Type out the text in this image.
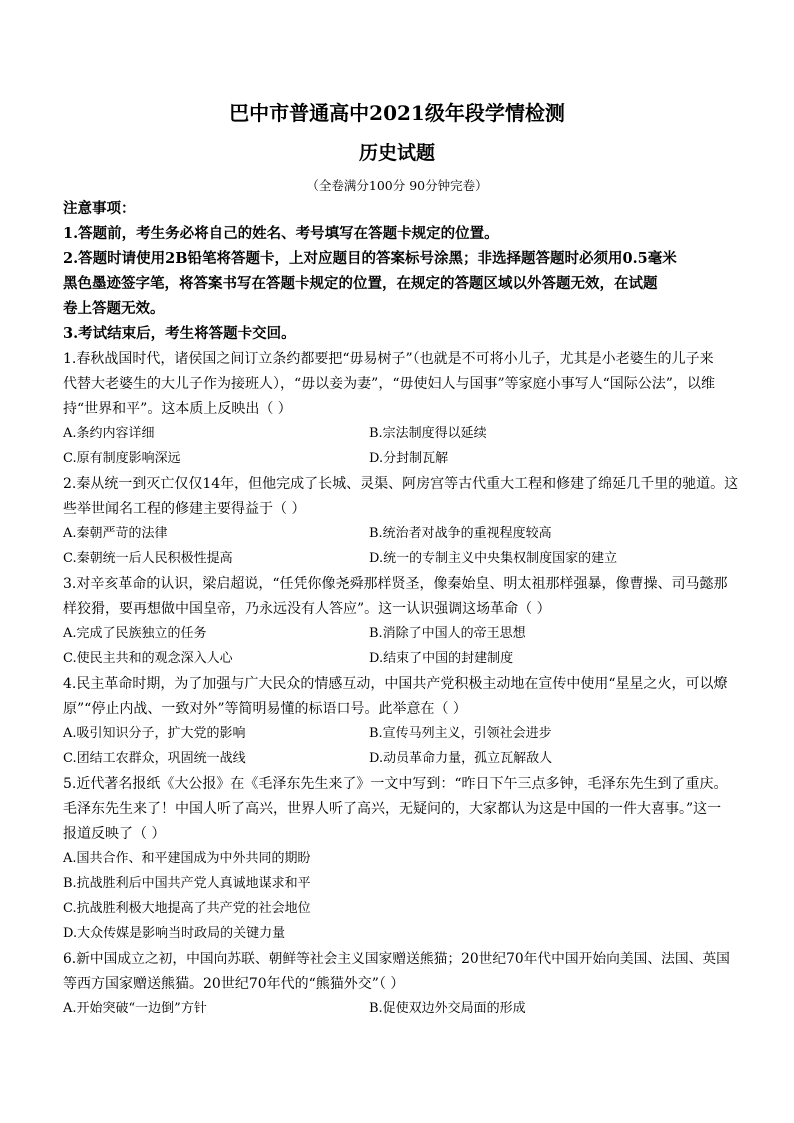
巴中市普通高中2021级年段学情检测
历史试题
（全卷满分100分 90分钟完卷）
注意事项：
1.答题前，考生务必将自己的姓名、考号填写在答题卡规定的位置。
2.答题时请使用2B铅笔将答题卡，上对应题目的答案标号涂黑；非选择题答题时必须用0.5毫米
黑色墨迹签字笔，将答案书写在答题卡规定的位置，在规定的答题区域以外答题无效，在试题
卷上答题无效。
3.考试结束后，考生将答题卡交回。
1.春秋战国时代，诸侯国之间订立条约都要把“毋易树子”（也就是不可将小儿子，尤其是小老婆生的儿子来
代替大老婆生的大儿子作为接班人），“毋以妾为妻”，“毋使妇人与国事”等家庭小事写人“国际公法”，以维
持“世界和平”。这本质上反映出（ ）
A.条约内容详细	B.宗法制度得以延续
C.原有制度影响深远	D.分封制瓦解
2.秦从统一到灭亡仅仅14年，但他完成了长城、灵渠、阿房宫等古代重大工程和修建了绵延几千里的驰道。这
些举世闻名工程的修建主要得益于（ ）
A.秦朝严苛的法律	B.统治者对战争的重视程度较高
C.秦朝统一后人民积极性提高	D.统一的专制主义中央集权制度国家的建立
3.对辛亥革命的认识，梁启超说，“任凭你像尧舜那样贤圣，像秦始皇、明太祖那样强暴，像曹操、司马懿那
样狡猾，要再想做中国皇帝，乃永远没有人答应”。这一认识强调这场革命（ ）
A.完成了民族独立的任务	B.消除了中国人的帝王思想
C.使民主共和的观念深入人心	D.结束了中国的封建制度
4.民主革命时期，为了加强与广大民众的情感互动，中国共产党积极主动地在宣传中使用“星星之火，可以燎
原”“停止内战、一致对外”等简明易懂的标语口号。此举意在（ ）
A.吸引知识分子，扩大党的影响	B.宣传马列主义，引领社会进步
C.团结工农群众，巩固统一战线	D.动员革命力量，孤立瓦解敌人
5.近代著名报纸《大公报》在《毛泽东先生来了》一文中写到：“昨日下午三点多钟，毛泽东先生到了重庆。
毛泽东先生来了！中国人听了高兴，世界人听了高兴，无疑问的，大家都认为这是中国的一件大喜事。”这一
报道反映了（ ）
A.国共合作、和平建国成为中外共同的期盼
B.抗战胜利后中国共产党人真诚地谋求和平
C.抗战胜利极大地提高了共产党的社会地位
D.大众传媒是影响当时政局的关键力量
6.新中国成立之初，中国向苏联、朝鲜等社会主义国家赠送熊猫；20世纪70年代中国开始向美国、法国、英国
等西方国家赠送熊猫。20世纪70年代的“熊猫外交”（ ）
A.开始突破“一边倒”方针	B.促使双边外交局面的形成
